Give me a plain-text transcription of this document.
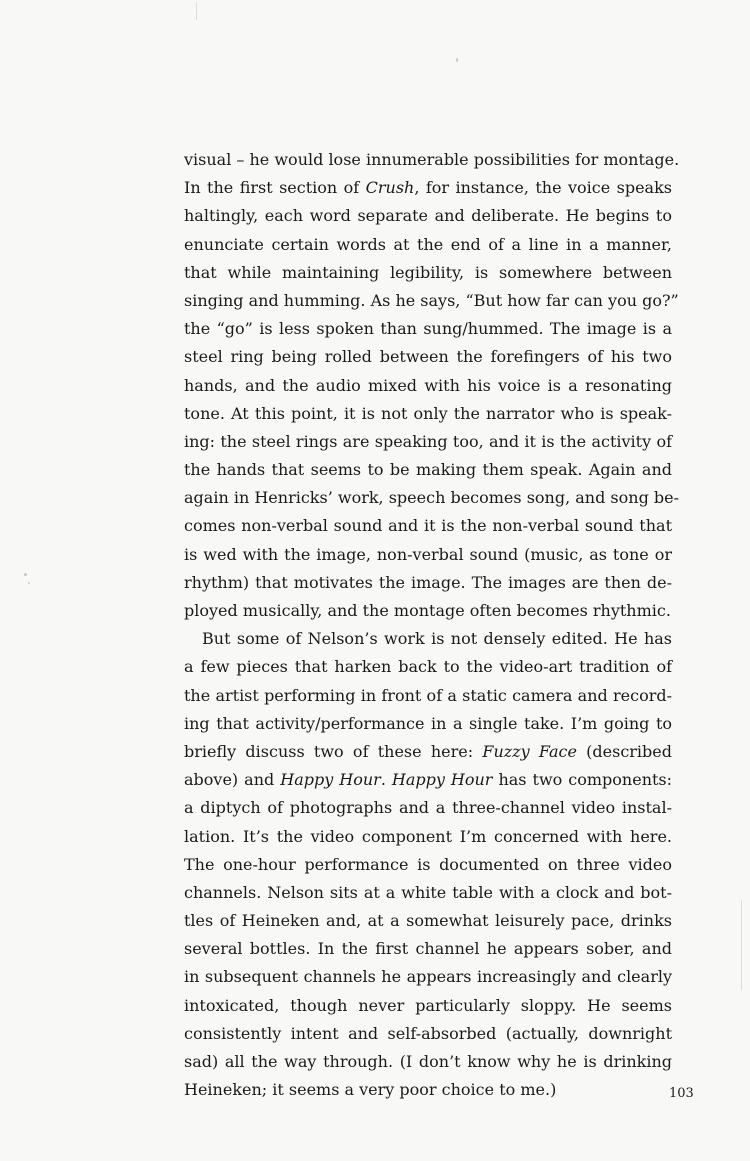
visual – he would lose innumerable possibilities for montage.
In the first section of Crush, for instance, the voice speaks
haltingly, each word separate and deliberate. He begins to
enunciate certain words at the end of a line in a manner,
that while maintaining legibility, is somewhere between
singing and humming. As he says, “But how far can you go?”
the “go” is less spoken than sung/hummed. The image is a
steel ring being rolled between the forefingers of his two
hands, and the audio mixed with his voice is a resonating
tone. At this point, it is not only the narrator who is speak-
ing: the steel rings are speaking too, and it is the activity of
the hands that seems to be making them speak. Again and
again in Henricks’ work, speech becomes song, and song be-
comes non-verbal sound and it is the non-verbal sound that
is wed with the image, non-verbal sound (music, as tone or
rhythm) that motivates the image. The images are then de-
ployed musically, and the montage often becomes rhythmic.
But some of Nelson’s work is not densely edited. He has
a few pieces that harken back to the video-art tradition of
the artist performing in front of a static camera and record-
ing that activity/performance in a single take. I’m going to
briefly discuss two of these here: Fuzzy Face (described
above) and Happy Hour. Happy Hour has two components:
a diptych of photographs and a three-channel video instal-
lation. It’s the video component I’m concerned with here.
The one-hour performance is documented on three video
channels. Nelson sits at a white table with a clock and bot-
tles of Heineken and, at a somewhat leisurely pace, drinks
several bottles. In the first channel he appears sober, and
in subsequent channels he appears increasingly and clearly
intoxicated, though never particularly sloppy. He seems
consistently intent and self-absorbed (actually, downright
sad) all the way through. (I don’t know why he is drinking
Heineken; it seems a very poor choice to me.)	103
